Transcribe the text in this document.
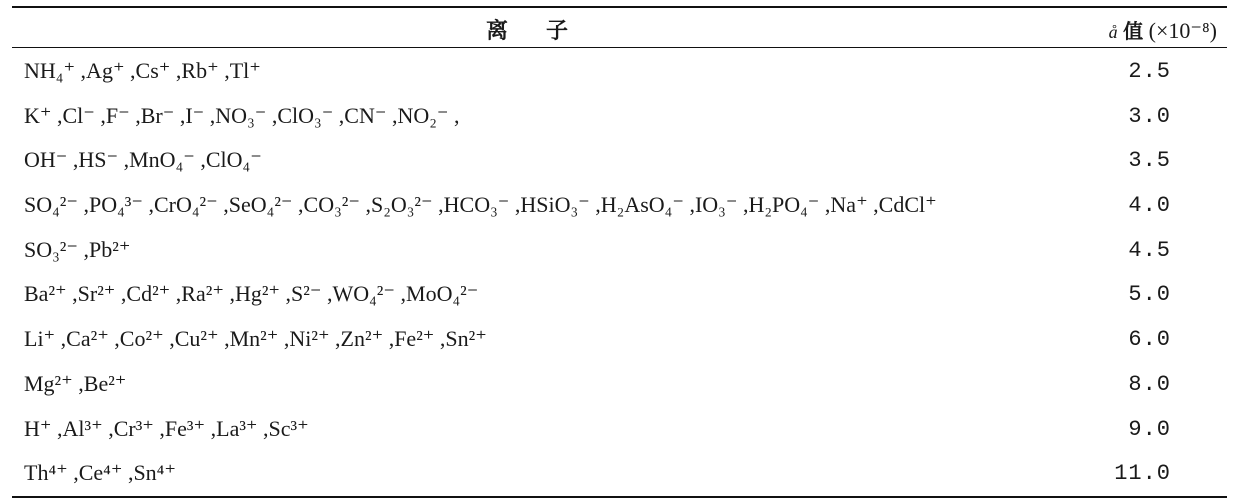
离子	å 值 (×10⁻⁸)
NH₄⁺ ,Ag⁺ ,Cs⁺ ,Rb⁺ ,Tl⁺	2.5
K⁺ ,Cl⁻ ,F⁻ ,Br⁻ ,I⁻ ,NO₃⁻ ,ClO₃⁻ ,CN⁻ ,NO₂⁻ ,	3.0
OH⁻ ,HS⁻ ,MnO₄⁻ ,ClO₄⁻	3.5
SO₄²⁻ ,PO₄³⁻ ,CrO₄²⁻ ,SeO₄²⁻ ,CO₃²⁻ ,S₂O₃²⁻ ,HCO₃⁻ ,HSiO₃⁻ ,H₂AsO₄⁻ ,IO₃⁻ ,H₂PO₄⁻ ,Na⁺ ,CdCl⁺	4.0
SO₃²⁻ ,Pb²⁺	4.5
Ba²⁺ ,Sr²⁺ ,Cd²⁺ ,Ra²⁺ ,Hg²⁺ ,S²⁻ ,WO₄²⁻ ,MoO₄²⁻	5.0
Li⁺ ,Ca²⁺ ,Co²⁺ ,Cu²⁺ ,Mn²⁺ ,Ni²⁺ ,Zn²⁺ ,Fe²⁺ ,Sn²⁺	6.0
Mg²⁺ ,Be²⁺	8.0
H⁺ ,Al³⁺ ,Cr³⁺ ,Fe³⁺ ,La³⁺ ,Sc³⁺	9.0
Th⁴⁺ ,Ce⁴⁺ ,Sn⁴⁺	11.0
